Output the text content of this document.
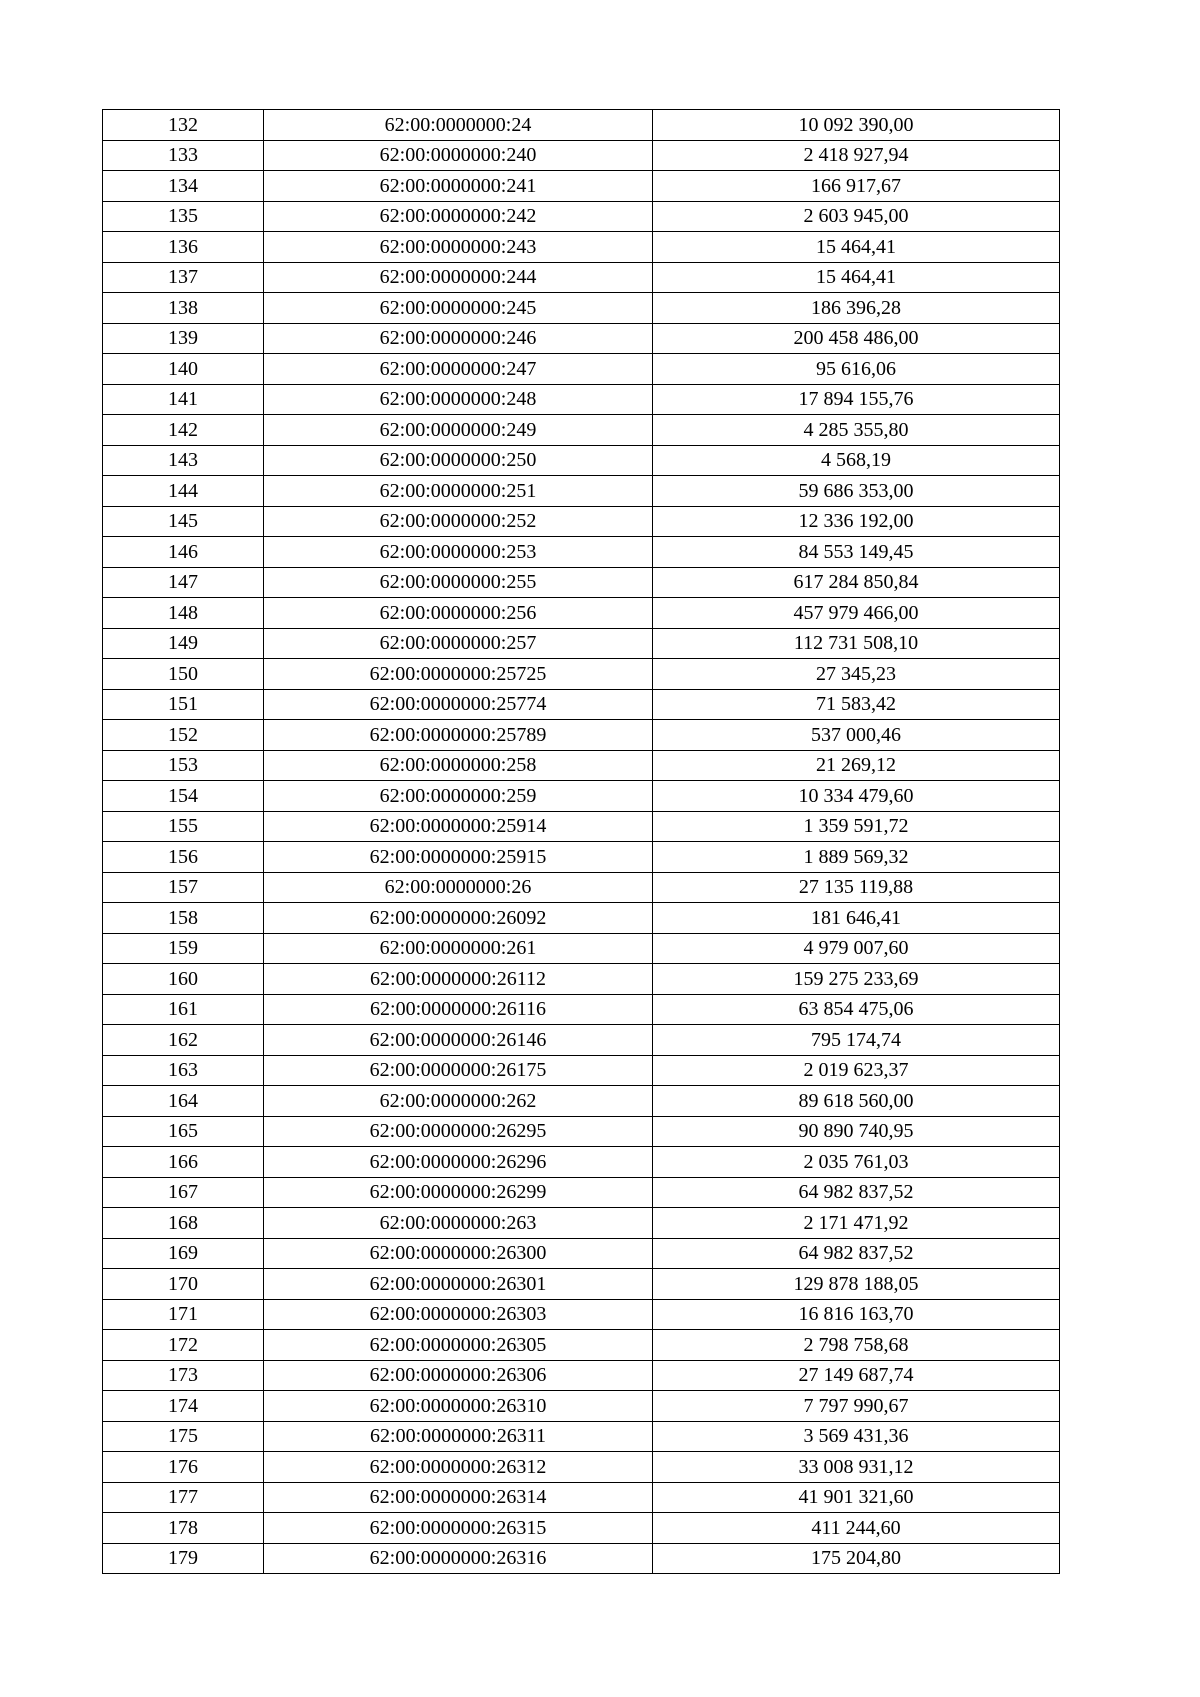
132	62:00:0000000:24	10 092 390,00
133	62:00:0000000:240	2 418 927,94
134	62:00:0000000:241	166 917,67
135	62:00:0000000:242	2 603 945,00
136	62:00:0000000:243	15 464,41
137	62:00:0000000:244	15 464,41
138	62:00:0000000:245	186 396,28
139	62:00:0000000:246	200 458 486,00
140	62:00:0000000:247	95 616,06
141	62:00:0000000:248	17 894 155,76
142	62:00:0000000:249	4 285 355,80
143	62:00:0000000:250	4 568,19
144	62:00:0000000:251	59 686 353,00
145	62:00:0000000:252	12 336 192,00
146	62:00:0000000:253	84 553 149,45
147	62:00:0000000:255	617 284 850,84
148	62:00:0000000:256	457 979 466,00
149	62:00:0000000:257	112 731 508,10
150	62:00:0000000:25725	27 345,23
151	62:00:0000000:25774	71 583,42
152	62:00:0000000:25789	537 000,46
153	62:00:0000000:258	21 269,12
154	62:00:0000000:259	10 334 479,60
155	62:00:0000000:25914	1 359 591,72
156	62:00:0000000:25915	1 889 569,32
157	62:00:0000000:26	27 135 119,88
158	62:00:0000000:26092	181 646,41
159	62:00:0000000:261	4 979 007,60
160	62:00:0000000:26112	159 275 233,69
161	62:00:0000000:26116	63 854 475,06
162	62:00:0000000:26146	795 174,74
163	62:00:0000000:26175	2 019 623,37
164	62:00:0000000:262	89 618 560,00
165	62:00:0000000:26295	90 890 740,95
166	62:00:0000000:26296	2 035 761,03
167	62:00:0000000:26299	64 982 837,52
168	62:00:0000000:263	2 171 471,92
169	62:00:0000000:26300	64 982 837,52
170	62:00:0000000:26301	129 878 188,05
171	62:00:0000000:26303	16 816 163,70
172	62:00:0000000:26305	2 798 758,68
173	62:00:0000000:26306	27 149 687,74
174	62:00:0000000:26310	7 797 990,67
175	62:00:0000000:26311	3 569 431,36
176	62:00:0000000:26312	33 008 931,12
177	62:00:0000000:26314	41 901 321,60
178	62:00:0000000:26315	411 244,60
179	62:00:0000000:26316	175 204,80
